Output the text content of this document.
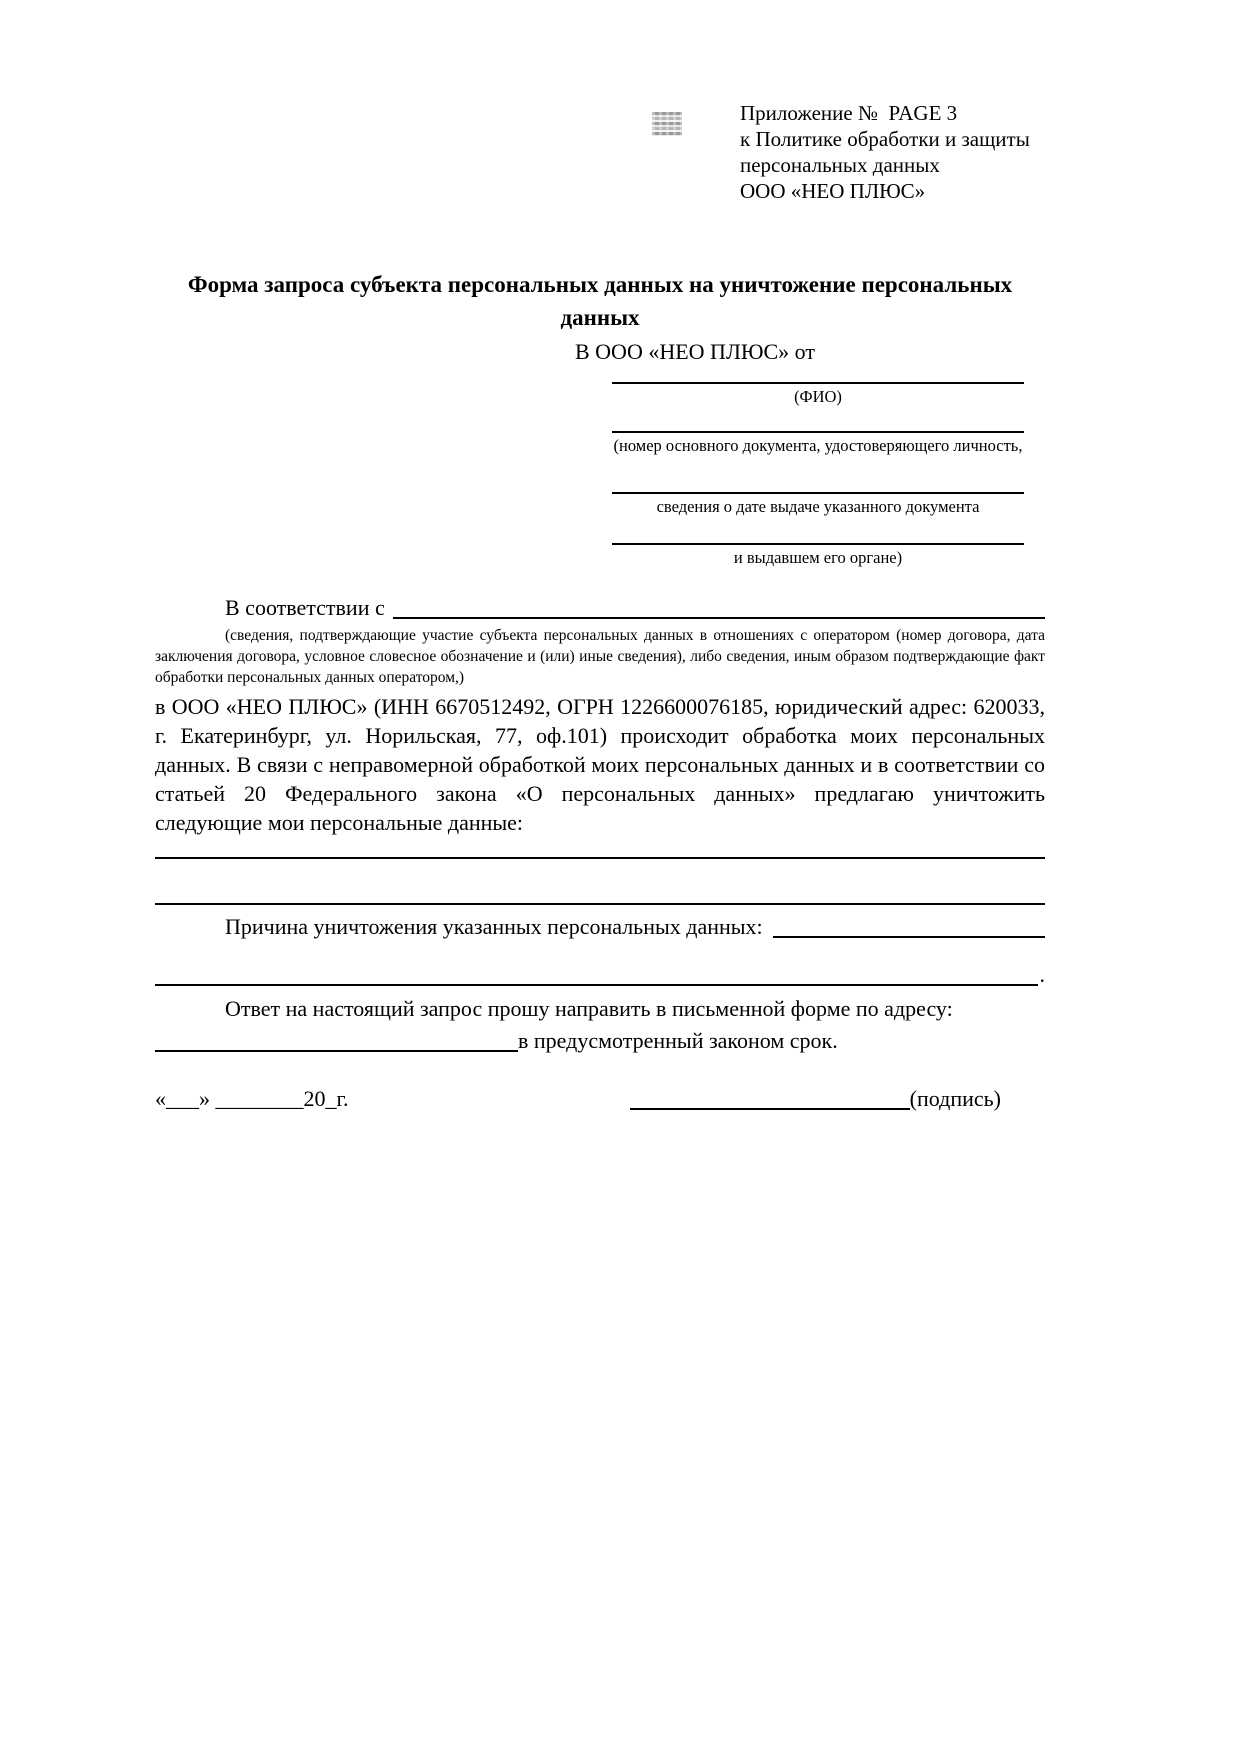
Приложение №  PAGE 3
к Политике обработки и защиты
персональных данных
ООО «НЕО ПЛЮС»
Форма запроса субъекта персональных данных на уничтожение персональных данных
В ООО «НЕО ПЛЮС» от
(ФИО)
(номер основного документа, удостоверяющего личность,
сведения о дате выдаче указанного документа
и выдавшем его органе)
В соответствии с
(сведения, подтверждающие участие субъекта персональных данных в отношениях с оператором (номер договора, дата заключения договора, условное словесное обозначение и (или) иные сведения), либо сведения, иным образом подтверждающие факт обработки персональных данных оператором,)
в ООО «НЕО ПЛЮС» (ИНН 6670512492, ОГРН 1226600076185, юридический адрес: 620033, г. Екатеринбург, ул. Норильская, 77, оф.101) происходит обработка моих персональных данных. В связи с неправомерной обработкой моих персональных данных и в соответствии со статьей 20 Федерального закона «О персональных данных» предлагаю уничтожить следующие мои персональные данные:
Причина уничтожения указанных персональных данных:
.
Ответ на настоящий запрос прошу направить в письменной форме по адресу:
в предусмотренный законом срок.
«___» ________20_г.	(подпись)
